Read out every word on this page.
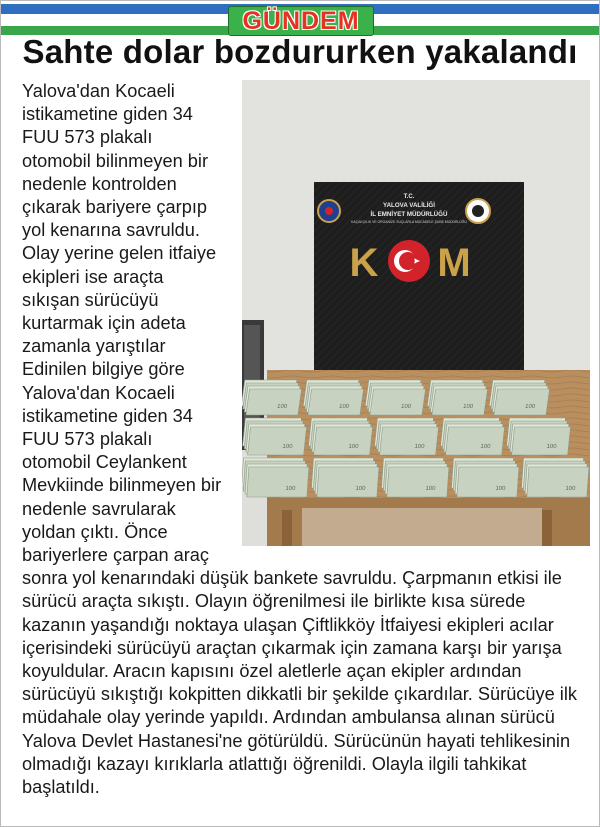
GÜNDEM
Sahte dolar bozdururken yakalandı
T.C.
YALOVA VALİLİĞİ
İL EMNİYET MÜDÜRLÜĞÜ
KAÇAKÇILIK VE ORGANİZE SUÇLARLA MÜCADELE ŞUBE MÜDÜRLÜĞÜ
K M
100	100	100	100	100
100	100	100	100	100
100	100	100	100	100

Yalova'dan Kocaeli istikametine giden 34 FUU 573 plakalı otomobil bilinmeyen bir nedenle kontrolden çıkarak bariyere çarpıp yol kenarına savruldu. Olay yerine gelen itfaiye ekipleri ise araçta sıkışan sürücüyü kurtarmak için adeta zamanla yarıştılar Edinilen bilgiye göre Yalova'dan Kocaeli istikametine giden 34 FUU 573 plakalı otomobil Ceylankent Mevkiinde bilinmeyen bir nedenle savrularak yoldan çıktı. Önce bariyerlere çarpan araç sonra yol kenarındaki düşük bankete savruldu. Çarpmanın etkisi ile sürücü araçta sıkıştı. Olayın öğrenilmesi ile birlikte kısa sürede kazanın yaşandığı noktaya ulaşan Çiftlikköy İtfaiyesi ekipleri acılar içerisindeki sürücüyü araçtan çıkarmak için zamana karşı bir yarışa koyuldular. Aracın kapısını özel aletlerle açan ekipler ardından sürücüyü sıkıştığı kokpitten dikkatli bir şekilde çıkardılar. Sürücüye ilk müdahale olay yerinde yapıldı. Ardından ambulansa alınan sürücü Yalova Devlet Hastanesi'ne götürüldü. Sürücünün hayati tehlikesinin olmadığı kazayı kırıklarla atlattığı öğrenildi. Olayla ilgili tahkikat başlatıldı.
